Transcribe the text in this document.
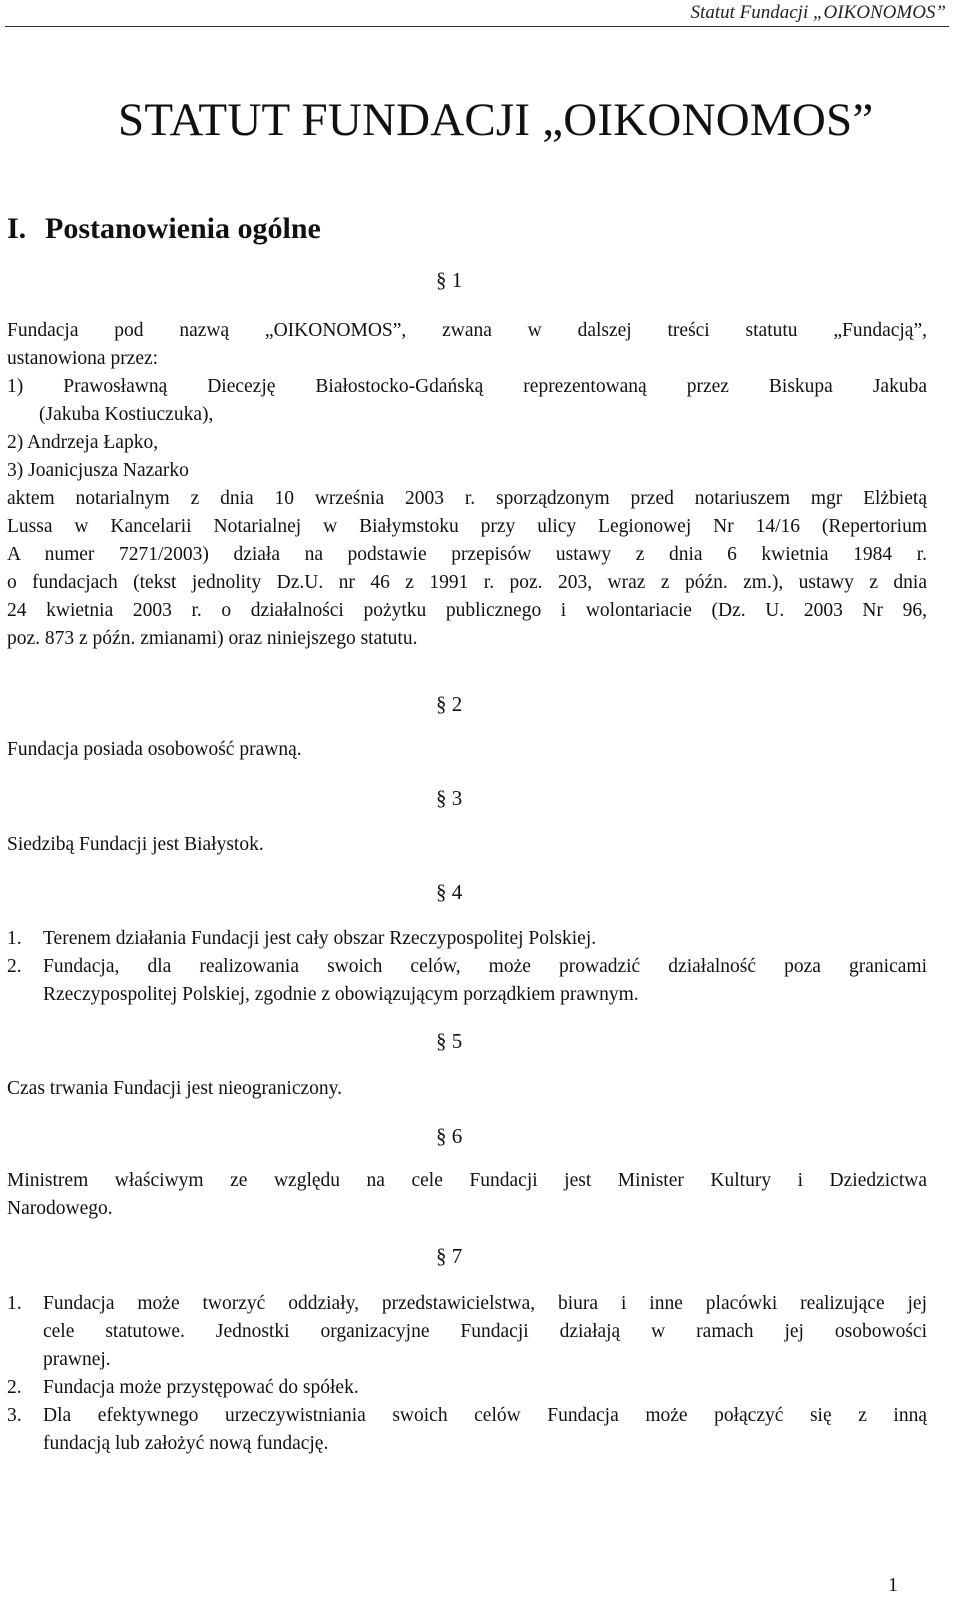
Statut Fundacji „OIKONOMOS”
STATUT FUNDACJI „OIKONOMOS”
I. Postanowienia ogólne
§ 1
Fundacja pod nazwą „OIKONOMOS”, zwana w dalszej treści statutu „Fundacją”,
ustanowiona przez:
1) Prawosławną Diecezję Białostocko-Gdańską reprezentowaną przez Biskupa Jakuba
(Jakuba Kostiuczuka),
2) Andrzeja Łapko,
3) Joanicjusza Nazarko
aktem notarialnym z dnia 10 września 2003 r. sporządzonym przed notariuszem mgr Elżbietą
Lussa w Kancelarii Notarialnej w Białymstoku przy ulicy Legionowej Nr 14/16 (Repertorium
A numer 7271/2003) działa na podstawie przepisów ustawy z dnia 6 kwietnia 1984 r.
o fundacjach (tekst jednolity Dz.U. nr 46 z 1991 r. poz. 203, wraz z późn. zm.), ustawy z dnia
24 kwietnia 2003 r. o działalności pożytku publicznego i wolontariacie (Dz. U. 2003 Nr 96,
poz. 873 z późn. zmianami) oraz niniejszego statutu.
§ 2
Fundacja posiada osobowość prawną.
§ 3
Siedzibą Fundacji jest Białystok.
§ 4
1. Terenem działania Fundacji jest cały obszar Rzeczypospolitej Polskiej.
2. Fundacja, dla realizowania swoich celów, może prowadzić działalność poza granicami
Rzeczypospolitej Polskiej, zgodnie z obowiązującym porządkiem prawnym.
§ 5
Czas trwania Fundacji jest nieograniczony.
§ 6
Ministrem właściwym ze względu na cele Fundacji jest Minister Kultury i Dziedzictwa
Narodowego.
§ 7
1. Fundacja może tworzyć oddziały, przedstawicielstwa, biura i inne placówki realizujące jej
cele statutowe. Jednostki organizacyjne Fundacji działają w ramach jej osobowości
prawnej.
2. Fundacja może przystępować do spółek.
3. Dla efektywnego urzeczywistniania swoich celów Fundacja może połączyć się z inną
fundacją lub założyć nową fundację.
1
